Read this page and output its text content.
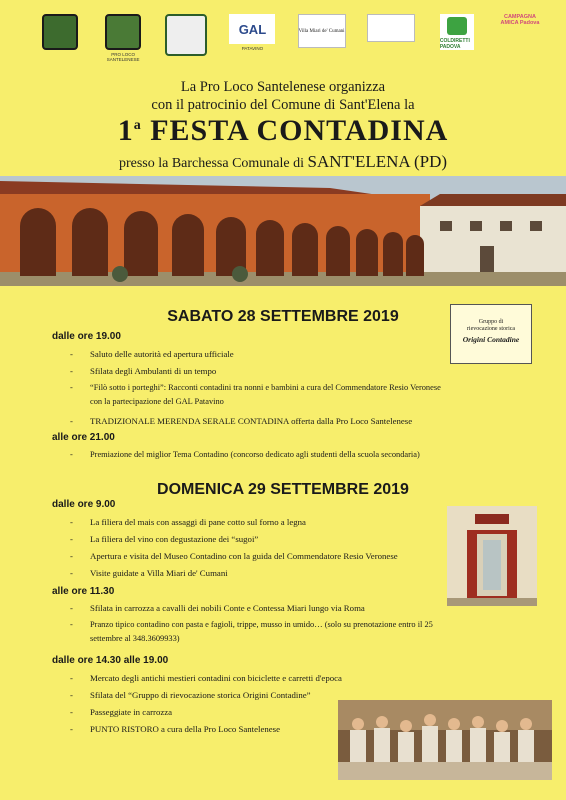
PRO LOCO SANTELENESE
GAL
PATAVINO
Villa Miari de' Cumani
COLDIRETTI PADOVA
CAMPAGNA AMICA Padova
La Pro Loco Santelenese organizza
con il patrocinio del Comune di Sant'Elena la
1$^a$ FESTA CONTADINA
presso la Barchessa Comunale di SANT'ELENA (PD)
SABATO 28 SETTEMBRE 2019	Gruppo di
rievocazione storica
Origini Contadine
dalle ore 19.00
- Saluto delle autorità ed apertura ufficiale
- Sfilata degli Ambulanti di un tempo
- “Filò sotto i porteghi”: Racconti contadini tra nonni e bambini a cura del Commendatore Resio Veronese
con la partecipazione del GAL Patavino
- TRADIZIONALE MERENDA SERALE CONTADINA offerta dalla Pro Loco Santelenese
alle ore 21.00
- Premiazione del miglior Tema Contadino (concorso dedicato agli studenti della scuola secondaria)
DOMENICA 29 SETTEMBRE 2019
dalle ore 9.00
- La filiera del mais con assaggi di pane cotto sul forno a legna
- La filiera del vino con degustazione dei “sugoi”
- Apertura e visita del Museo Contadino con la guida del Commendatore Resio Veronese
- Visite guidate a Villa Miari de' Cumani
alle ore 11.30
- Sfilata in carrozza a cavalli dei nobili Conte e Contessa Miari lungo via Roma
- Pranzo tipico contadino con pasta e fagioli, trippe, musso in umido… (solo su prenotazione entro il 25
settembre al 348.3609933)
dalle ore 14.30 alle 19.00
- Mercato degli antichi mestieri contadini con biciclette e carretti d'epoca
- Sfilata del “Gruppo di rievocazione storica Origini Contadine”
- Passeggiate in carrozza
- PUNTO RISTORO a cura della Pro Loco Santelenese
